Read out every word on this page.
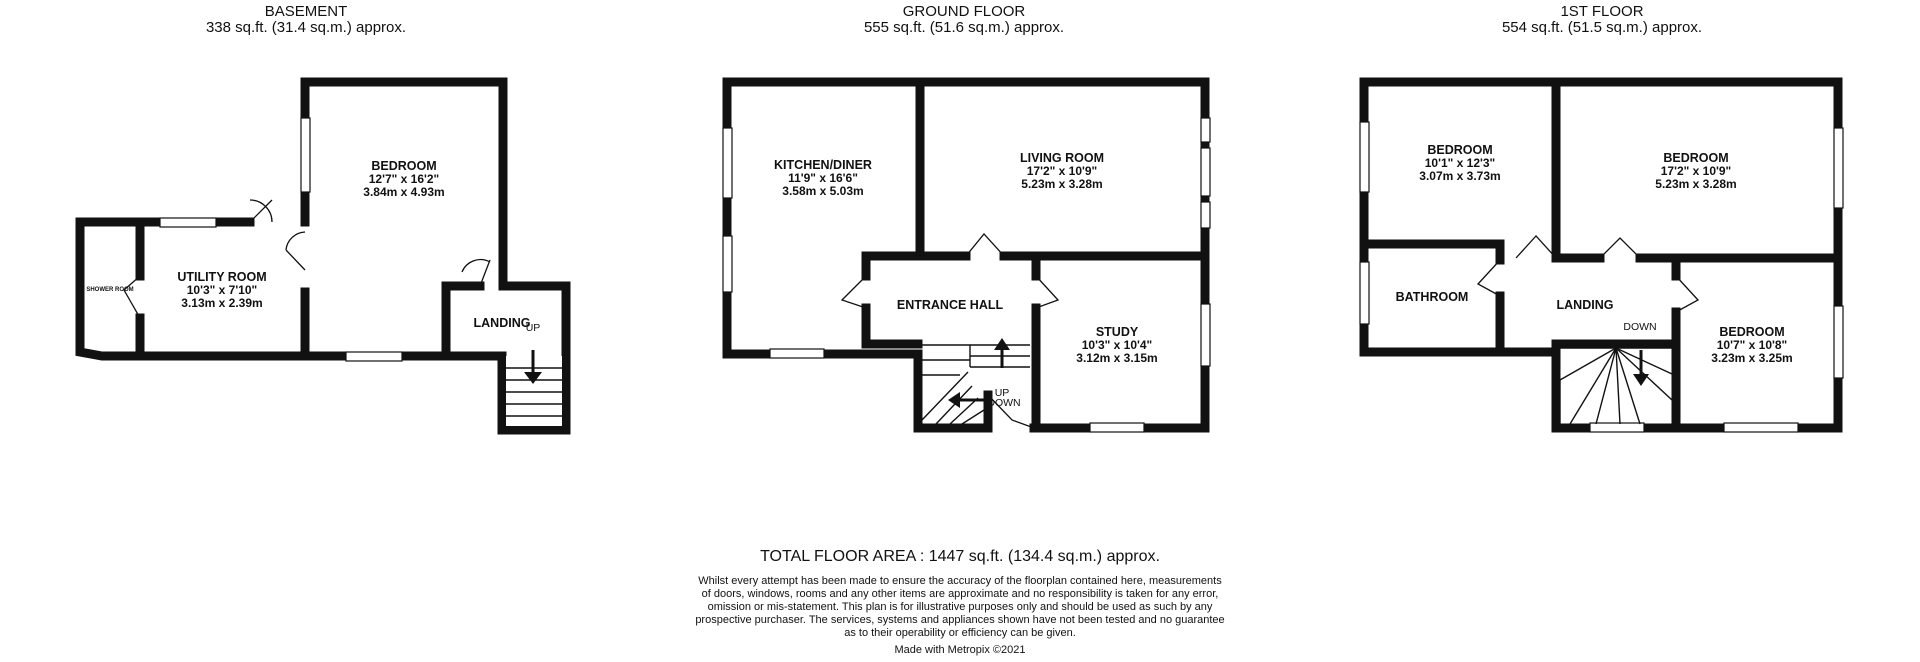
BASEMENT
338 sq.ft. (31.4 sq.m.) approx.
GROUND FLOOR
555 sq.ft. (51.6 sq.m.) approx.
1ST FLOOR
554 sq.ft. (51.5 sq.m.) approx.
BEDROOM
12'7" x 16'2"
3.84m x 4.93m
UTILITY ROOM
10'3" x 7'10"
3.13m x 2.39m
SHOWER ROOM
LANDING
UP
KITCHEN/DINER
11'9" x 16'6"
3.58m x 5.03m
LIVING ROOM
17'2" x 10'9"
5.23m x 3.28m
ENTRANCE HALL
STUDY
10'3" x 10'4"
3.12m x 3.15m
UP
DOWN
BEDROOM
10'1" x 12'3"
3.07m x 3.73m
BEDROOM
17'2" x 10'9"
5.23m x 3.28m
BATHROOM
LANDING
DOWN	BEDROOM
10'7" x 10'8"
3.23m x 3.25m
TOTAL FLOOR AREA : 1447 sq.ft. (134.4 sq.m.) approx.
Whilst every attempt has been made to ensure the accuracy of the floorplan contained here, measurements
of doors, windows, rooms and any other items are approximate and no responsibility is taken for any error,
omission or mis-statement. This plan is for illustrative purposes only and should be used as such by any
prospective purchaser. The services, systems and appliances shown have not been tested and no guarantee
as to their operability or efficiency can be given.
Made with Metropix ©2021
